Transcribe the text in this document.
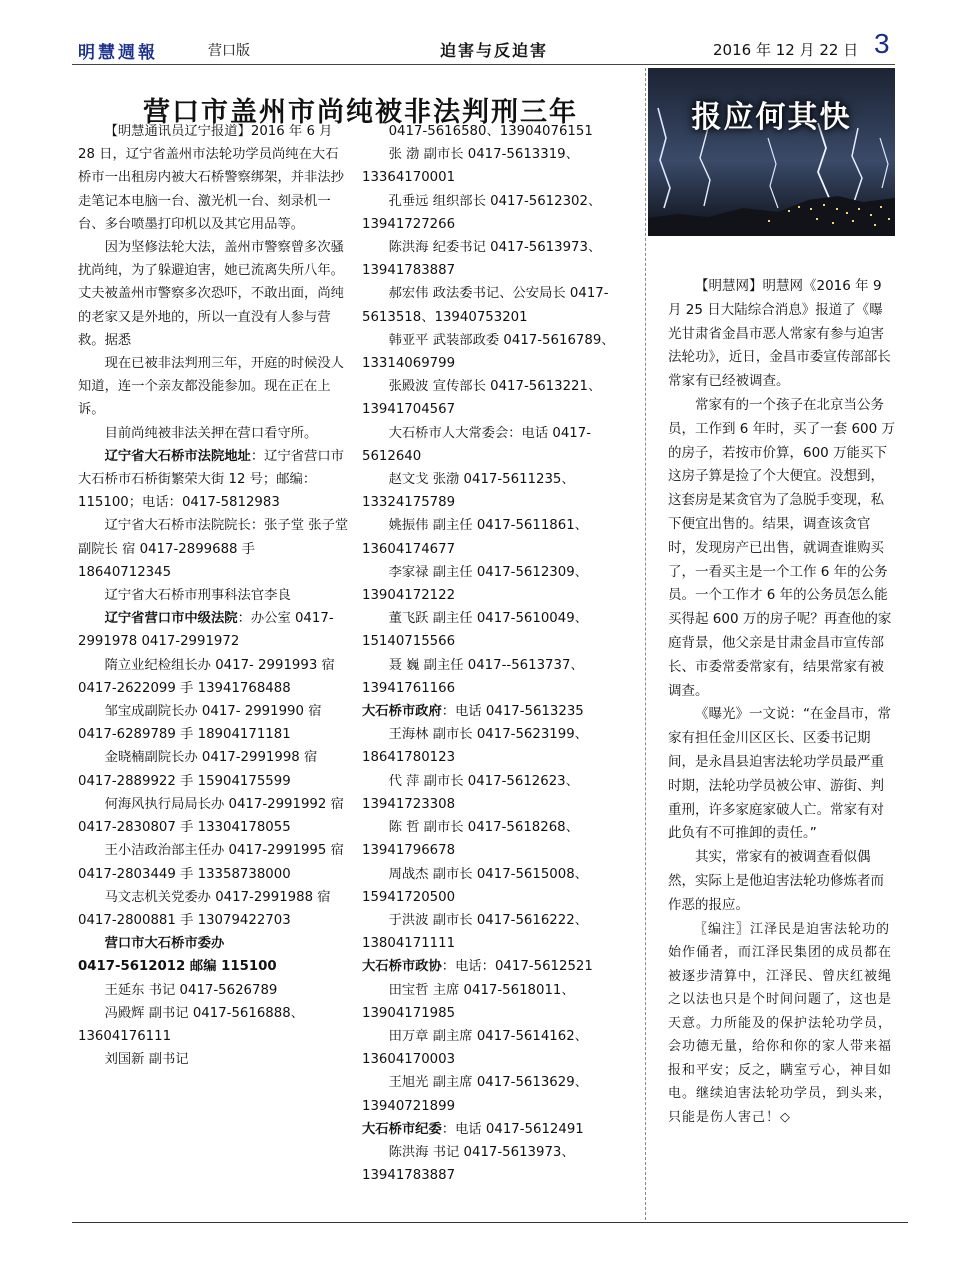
明慧週報	营口版	迫害与反迫害	2016 年 12 月 22 日 3
营口市盖州市尚纯被非法判刑三年

【明慧通讯员辽宁报道】2016 年 6 月 28 日，辽宁省盖州市法轮功学员尚纯在大石桥市一出租房内被大石桥警察绑架，并非法抄走笔记本电脑一台、激光机一台、刻录机一台、多台喷墨打印机以及其它用品等。

因为坚修法轮大法，盖州市警察曾多次骚扰尚纯，为了躲避迫害，她已流离失所八年。丈夫被盖州市警察多次恐吓，不敢出面，尚纯的老家又是外地的，所以一直没有人参与营救。据悉

现在已被非法判刑三年，开庭的时候没人知道，连一个亲友都没能参加。现在正在上诉。

目前尚纯被非法关押在营口看守所。

辽宁省大石桥市法院地址：辽宁省营口市大石桥市石桥街繁荣大街 12 号；邮编：115100；电话：0417-5812983

辽宁省大石桥市法院院长：张子堂 张子堂副院长 宿 0417-2899688 手 18640712345

辽宁省大石桥市刑事科法官李良

辽宁省营口市中级法院：办公室 0417-2991978 0417-2991972

隋立业纪检组长办 0417- 2991993 宿 0417-2622099 手 13941768488

邹宝成副院长办 0417- 2991990 宿 0417-6289789 手 18904171181

金晓楠副院长办 0417-2991998 宿 0417-2889922 手 15904175599

何海风执行局局长办 0417-2991992 宿 0417-2830807 手 13304178055

王小洁政治部主任办 0417-2991995 宿 0417-2803449 手 13358738000

马文志机关党委办 0417-2991988 宿 0417-2800881 手 13079422703

营口市大石桥市委办

0417-5612012 邮编 115100

王延东 书记 0417-5626789

冯殿辉 副书记 0417-5616888、13604176111

刘国新 副书记

0417-5616580、13904076151

张 渤 副市长 0417-5613319、13364170001

孔垂远 组织部长 0417-5612302、13941727266

陈洪海 纪委书记 0417-5613973、13941783887

郝宏伟 政法委书记、公安局长 0417-5613518、13940753201

韩亚平 武装部政委 0417-5616789、13314069799

张殿波 宣传部长 0417-5613221、13941704567

大石桥市人大常委会：电话 0417-5612640

赵文戈 张渤 0417-5611235、13324175789

姚振伟 副主任 0417-5611861、13604174677

李家禄 副主任 0417-5612309、13904172122

董飞跃 副主任 0417-5610049、15140715566

聂 巍 副主任 0417--5613737、13941761166

大石桥市政府：电话 0417-5613235

王海林 副市长 0417-5623199、18641780123

代 萍 副市长 0417-5612623、13941723308

陈 哲 副市长 0417-5618268、13941796678

周战杰 副市长 0417-5615008、15941720500

于洪波 副市长 0417-5616222、13804171111

大石桥市政协：电话：0417-5612521

田宝哲 主席 0417-5618011、13904171985

田万章 副主席 0417-5614162、13604170003

王旭光 副主席 0417-5613629、13940721899

大石桥市纪委：电话 0417-5612491

陈洪海 书记 0417-5613973、13941783887

报应何其快

【明慧网】明慧网《2016 年 9 月 25 日大陆综合消息》报道了《曝光甘肃省金昌市恶人常家有参与迫害法轮功》，近日，金昌市委宣传部部长常家有已经被调查。

常家有的一个孩子在北京当公务员，工作到 6 年时，买了一套 600 万的房子，若按市价算，600 万能买下这房子算是捡了个大便宜。没想到，这套房是某贪官为了急脱手变现，私下便宜出售的。结果，调查该贪官时，发现房产已出售，就调查谁购买了，一看买主是一个工作 6 年的公务员。一个工作才 6 年的公务员怎么能买得起 600 万的房子呢？再查他的家庭背景，他父亲是甘肃金昌市宣传部长、市委常委常家有，结果常家有被调查。

《曝光》一文说：“在金昌市，常家有担任金川区区长、区委书记期间，是永昌县迫害法轮功学员最严重时期，法轮功学员被公审、游街、判重刑，许多家庭家破人亡。常家有对此负有不可推卸的责任。”

其实，常家有的被调查看似偶然，实际上是他迫害法轮功修炼者而作恶的报应。

〖编注〗江泽民是迫害法轮功的始作俑者，而江泽民集团的成员都在被逐步清算中，江泽民、曾庆红被绳之以法也只是个时间问题了，这也是天意。力所能及的保护法轮功学员，会功德无量，给你和你的家人带来福报和平安；反之，瞒室亏心，神目如电。继续迫害法轮功学员，到头来，只能是伤人害己！◇
